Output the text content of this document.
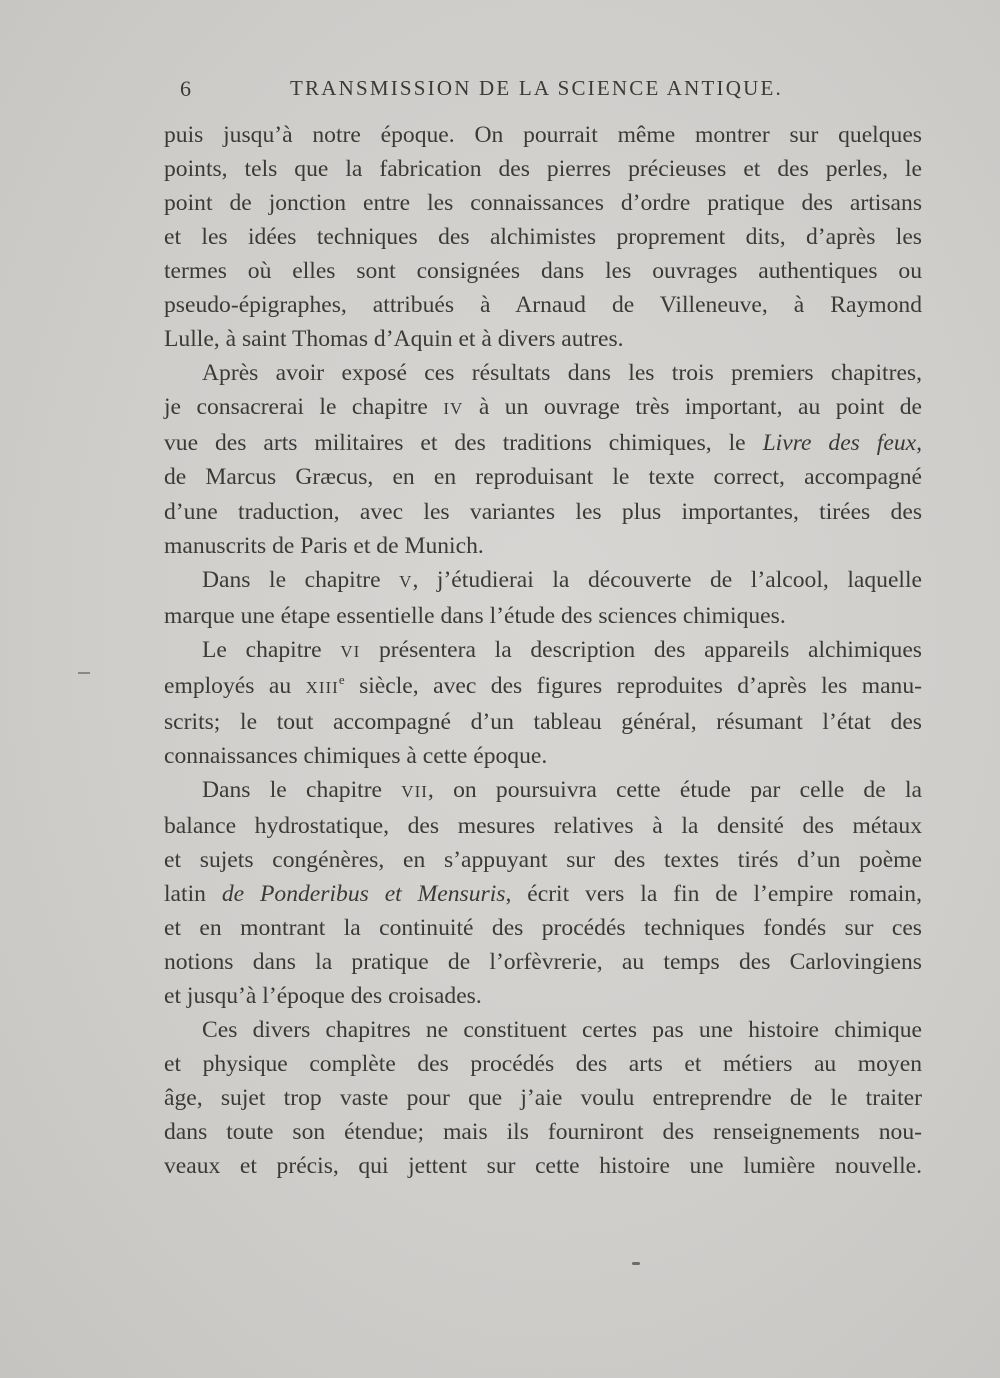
6	TRANSMISSION DE LA SCIENCE ANTIQUE.
puis jusqu’à notre époque. On pourrait même montrer sur quelques
points, tels que la fabrication des pierres précieuses et des perles, le
point de jonction entre les connaissances d’ordre pratique des artisans
et les idées techniques des alchimistes proprement dits, d’après les
termes où elles sont consignées dans les ouvrages authentiques ou
pseudo-épigraphes, attribués à Arnaud de Villeneuve, à Raymond
Lulle, à saint Thomas d’Aquin et à divers autres.
Après avoir exposé ces résultats dans les trois premiers chapitres,
je consacrerai le chapitre IV à un ouvrage très important, au point de
vue des arts militaires et des traditions chimiques, le Livre des feux,
de Marcus Græcus, en en reproduisant le texte correct, accompagné
d’une traduction, avec les variantes les plus importantes, tirées des
manuscrits de Paris et de Munich.
Dans le chapitre V, j’étudierai la découverte de l’alcool, laquelle
marque une étape essentielle dans l’étude des sciences chimiques.
Le chapitre VI présentera la description des appareils alchimiques
employés au XIIIe siècle, avec des figures reproduites d’après les manu-
scrits; le tout accompagné d’un tableau général, résumant l’état des
connaissances chimiques à cette époque.
Dans le chapitre VII, on poursuivra cette étude par celle de la
balance hydrostatique, des mesures relatives à la densité des métaux
et sujets congénères, en s’appuyant sur des textes tirés d’un poème
latin de Ponderibus et Mensuris, écrit vers la fin de l’empire romain,
et en montrant la continuité des procédés techniques fondés sur ces
notions dans la pratique de l’orfèvrerie, au temps des Carlovingiens
et jusqu’à l’époque des croisades.
Ces divers chapitres ne constituent certes pas une histoire chimique
et physique complète des procédés des arts et métiers au moyen
âge, sujet trop vaste pour que j’aie voulu entreprendre de le traiter
dans toute son étendue; mais ils fourniront des renseignements nou-
veaux et précis, qui jettent sur cette histoire une lumière nouvelle.
